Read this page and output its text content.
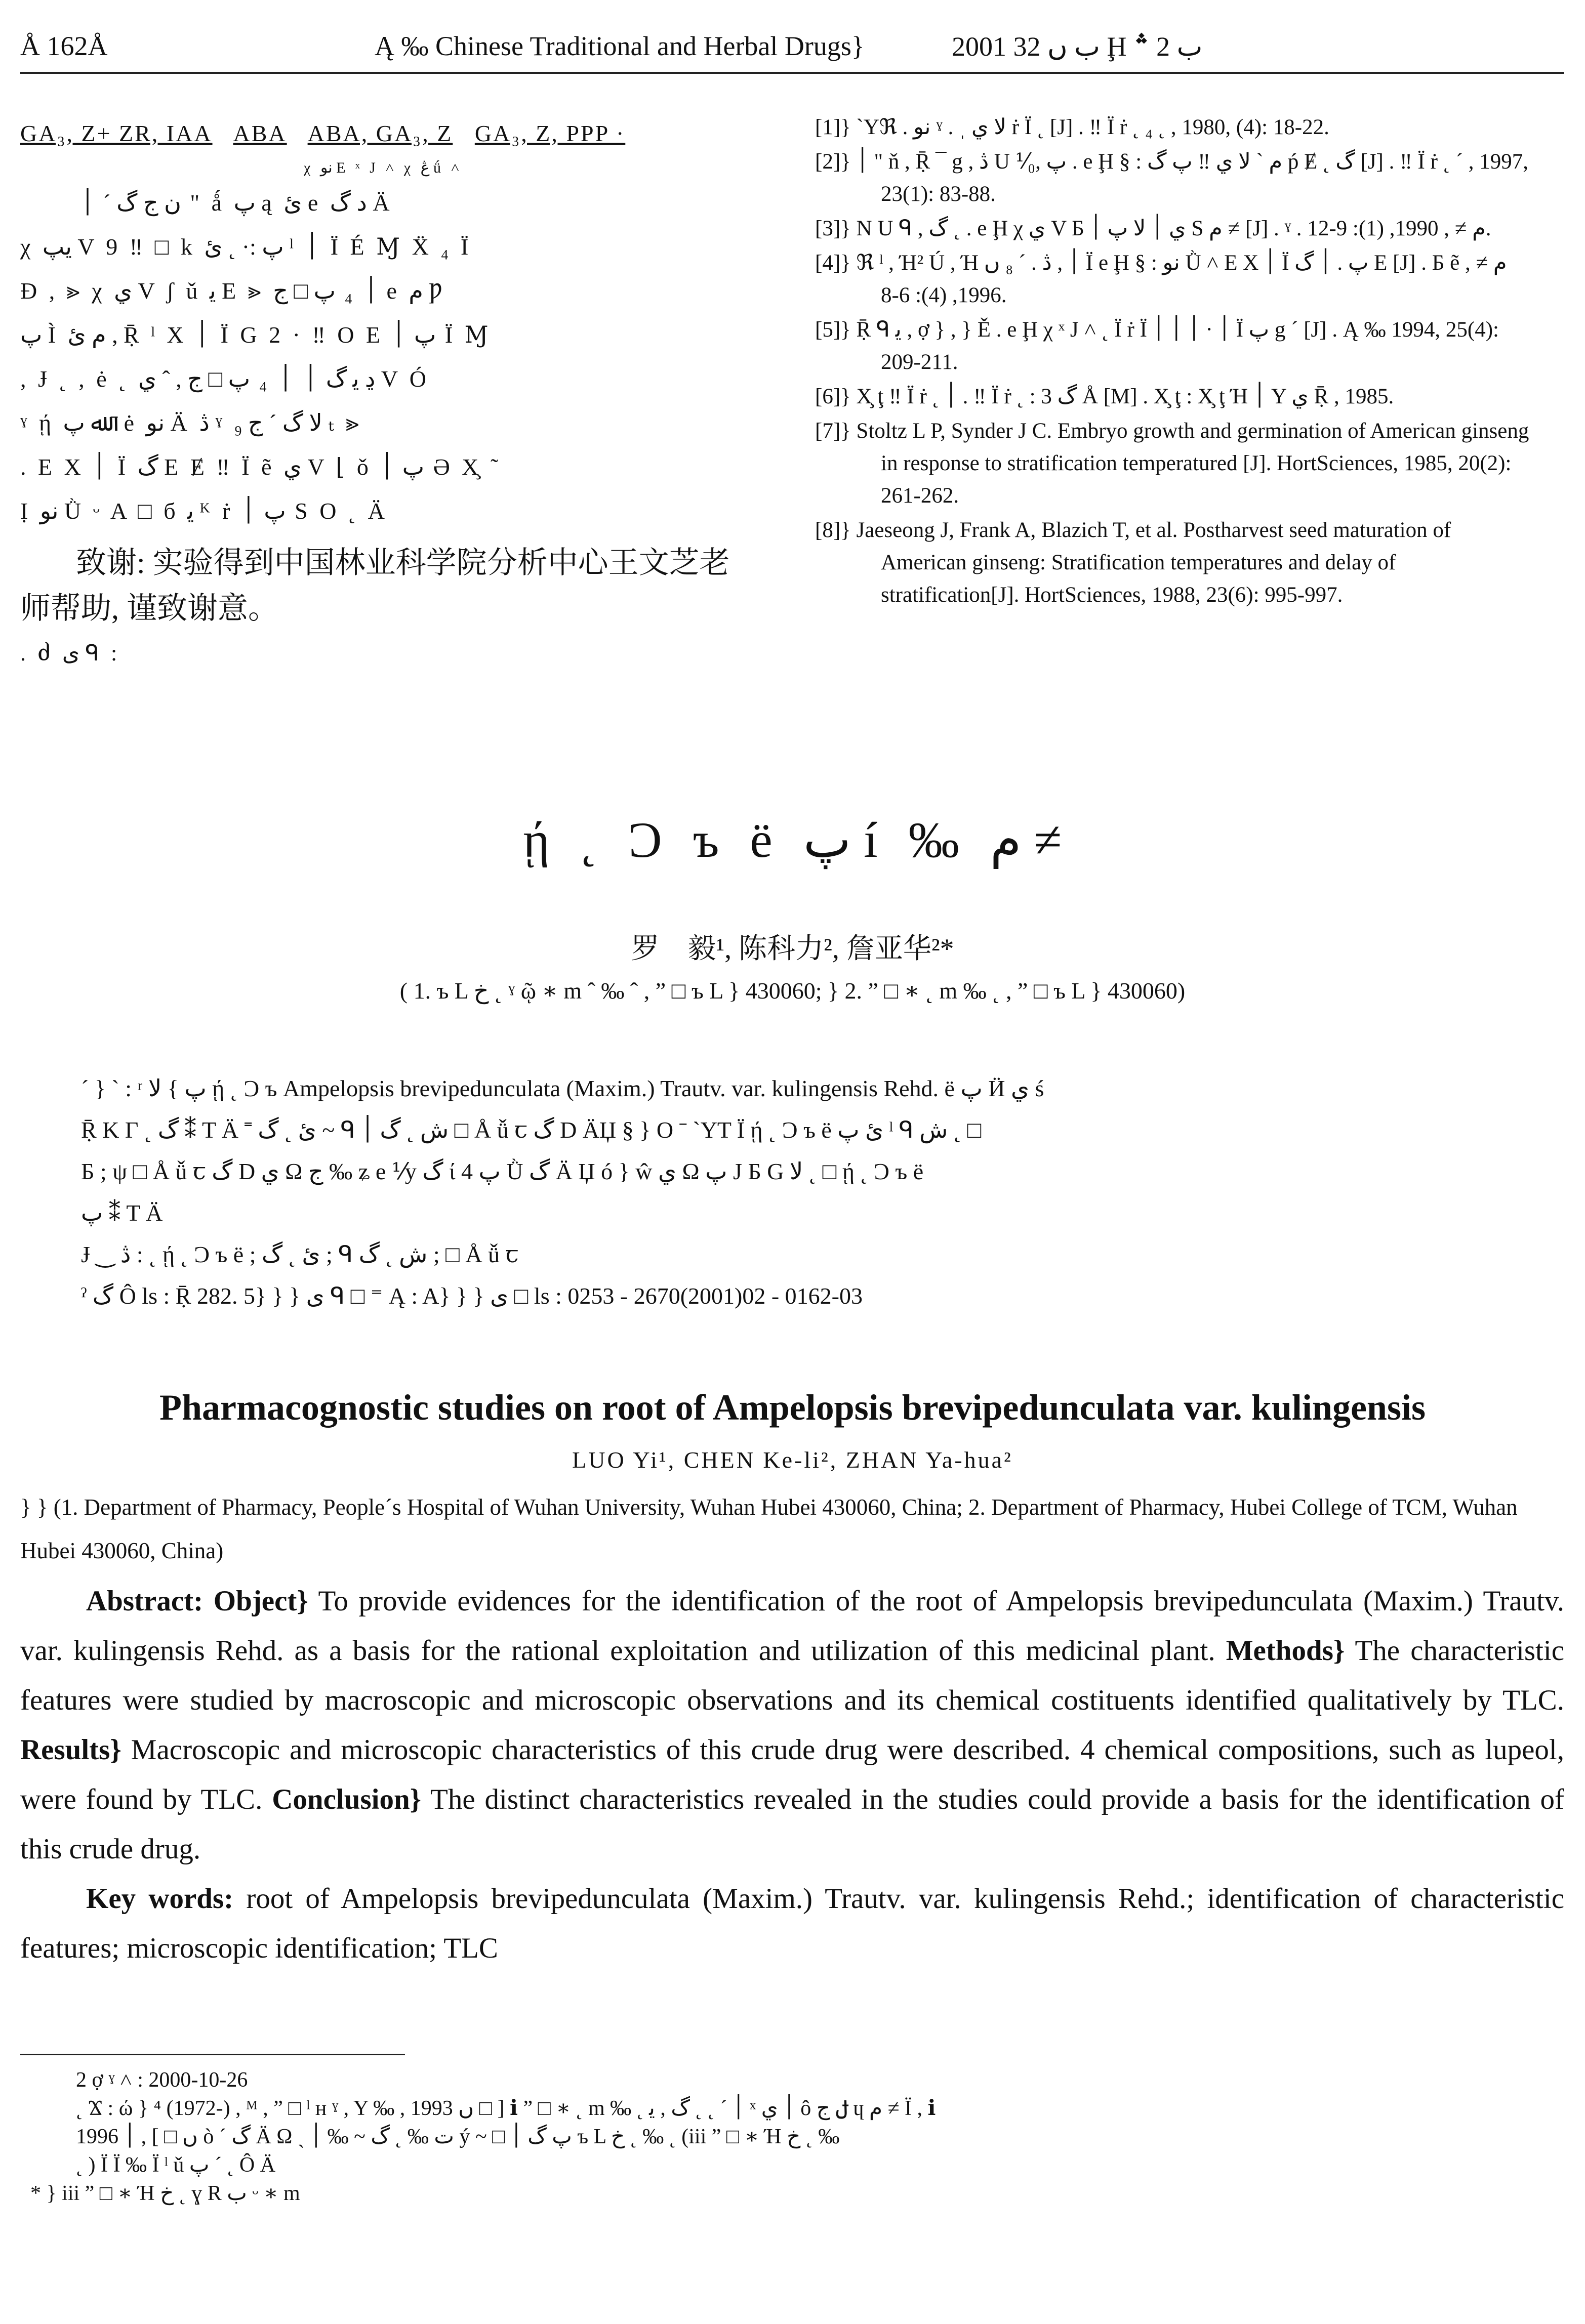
Å 162Å	Ą ‰ Chinese Traditional and Herbal Drugs}	2001 ب ں 32 Ḩ ب 2 ؞
GA₃, Z+ ZR, IAA ABA ABA, GA₃, Z GA₃, Z, PPP ·
χ نو E ˣ J ˄ χ ڠ ǘ ˄
ن ج گ ´ ׀ " ǻ پ ą ئ e د گ Ä
χ يپ V 9 ‼ □ k پ :· ˛ ئ ˡ ׀ Ï É Ɱ Ẍ ₄ Ï
Ɖ , ⪢ χ ي V ʃ ǔ ﯾ E ⪢ ׀ ₄ پ □ ج e م Ƿ
پ Ì م ئ , Ṝ ˡ X ׀ Ï G 2 · ‼ O E پ ׀ Ï Ɱ
, Ɉ ˛ , ė ˛ ڍ ﯾ گ ׀ ׀ ₄ پ □ ج , ˆ ي V Ó
ˠ ῄ ﷲ پ ˉ ė نو Ä ڎ ˠ لا گ ´ ج ₉ ₜ ⪢
. E X ׀ Ï گ E Ɇ ‼ Ï ẽ ي V ⌊ ǒ پ ׀ Ə X̧ ˜
Ị نو Ǜ ᵕ A □ б ﯾ ᴷ ṙ پ ׀ S O ˛ Ä
致谢: 实验得到中国林业科学院分析中心王文芝老师帮助, 谨致谢意。
. ძ ی ᑫ :
[1]} ˋYℜ . نو ˠ . ˌ لا ي ṙ Ï ˛ [J] . ‼ Ï ṙ ˛ ₄ ˛ , 1980, (4): 18-22.
[2]} ׀ " ň , Ṝ ¯ g , ڎ U ⅟₀, پ . e Ḩ § : م ` لا ي ‼ پ گ ṕ Ɇ ˛ گ [J] . ‼ Ï ṙ ˛ ˊ , 1997, 23(1): 83-88.
[3]} N U ᑫ , گ ˛ . e Ḩ χ ي V Б ي ׀ لا پ ׀ S م ≠ [J] . ˠ . م ≠ , 1990, (1): 9-12.
[4]} ℜ ˡ , Ή² Ú , Ή ׀ , ڎ . ´ ₈ ں Ï e Ḩ § : نو Ǜ ˄ E X ׀ Ï پ . ׀ گ E [J] . Б ẽ م ≠ , 1996, (4): 6-8.
[5]} Ṝ ᑫ ﯾ , ợ } , } Ě . e Ḩ χ ˣ J ˄ ˛ Ï ṙ Ï ׀ · ׀ ׀ ׀ Ï پ g ˊ [J] . Ą ‰ 1994, 25(4): 209-211.
[6]} X̧ ţ ‼ Ï ṙ ˛ ׀ . ‼ Ï ṙ ˛ : گ 3 Å [M] . X̧ ţ : X̧ ţ Ή ׀ Y ي Ṝ , 1985.
[7]} Stoltz L P, Synder J C. Embryo growth and germination of American ginseng in response to stratification temperatured [J]. HortSciences, 1985, 20(2): 261-262.
[8]} Jaeseong J, Frank A, Blazich T, et al. Postharvest seed maturation of American ginseng: Stratification temperatures and delay of stratification[J]. HortSciences, 1988, 23(6): 995-997.
ῄ ˛ Ɔ ъ ë پ í ‰ م ≠
罗　毅¹, 陈科力², 詹亚华²*
( 1. ъ L خ ˛ ˠ ῷ ∗ m ˆ ‰ ˆ , ” □ ъ L } 430060; } 2. ” □ ∗ ˛ m ‰ ˛ , ” □ ъ L } 430060)
ˊ } ˋ : ʳ پ } لا ῄ ˛ Ɔ ъ Ampelopsis brevipedunculata (Maxim.) Trautv. var. kulingensis Rehd. ë پ Ӥ ي ś
Ṝ K Γ ˛ گ ⁑ T Ä ˭ ئ ˛ گ ~ ᑫ ش ˛ گ ׀ □ Å ǚ ꞇ گ D ÄЏ § } O ˉ ˋYT Ï ῄ ˛ Ɔ ъ ë ئ پ ˡ ᑫ ش ˛ □
Б ; ψ □ Å ǚ ꞇ گ D ي Ω ج ‰ ʑ e ⅟y گ ί پ 4 Ǜ گ Ä Џ ó } ŵ ي Ω پ J Б G لا ˛ □ ῄ ˛ Ɔ ъ ë
پ ⁑ T Ä
Ɉ ‿ ڎ : ˛ ῄ ˛ Ɔ ъ ë ; ئ ˛ گ ; ᑫ ش ˛ گ ; □ Å ǚ ꞇ
ˀ گ Ô ls : Ṝ 282. 5} } } ی ᑫ □ ⁼ Ą : A} } } ی □ ls : 0253 - 2670(2001)02 - 0162-03
Pharmacognostic studies on root of Ampelopsis brevipedunculata var. kulingensis
LUO Yi¹, CHEN Ke-li², ZHAN Ya-hua²
} } (1. Department of Pharmacy, People´s Hospital of Wuhan University, Wuhan Hubei 430060, China; 2. Department of Pharmacy, Hubei College of TCM, Wuhan Hubei 430060, China)

Abstract: Object} To provide evidences for the identification of the root of Ampelopsis brevipedunculata (Maxim.) Trautv. var. kulingensis Rehd. as a basis for the rational exploitation and utilization of this medicinal plant. Methods} The characteristic features were studied by macroscopic and microscopic observations and its chemical costituents identified qualitatively by TLC. Results} Macroscopic and microscopic characteristics of this crude drug were described. 4 chemical compositions, such as lupeol, were found by TLC. Conclusion} The distinct characteristics revealed in the studies could provide a basis for the identification of this crude drug.

Key words: root of Ampelopsis brevipedunculata (Maxim.) Trautv. var. kulingensis Rehd.; identification of characteristic features; microscopic identification; TLC

2 ợ ˠ ˄ : 2000-10-26
˛ Ϫ : ώ } ⁴ (1972-) , ᴹ , ” □ ˡ ʜ ˠ , Y ‰ , 1993 ں □ ] ℹ ” □ ∗ ˛ m ‰ ˛ ׀ ˊ ˛ ˛ گ , ﯾ ˣ ׀ ي ô ݪ ج ɥ م ≠ Ï , ℹ
1996 ں □ ] , ׀ ò ˊ گ Ä Ω ˎ ت ‰ ˛ گ ~ ‰ ׀ ý ~ □ پ گ ׀ ъ L خ ˛ ‰ ˛ (iii ” □ ∗ Ή خ ˛ ‰
˛ ) Ï Ï ‰ Ï ˡ ǔ پ ´ ˛ Ô Ä
* } iii ” □ ∗ Ή خ ˛ ɣ R ب ᵕ ∗ m
